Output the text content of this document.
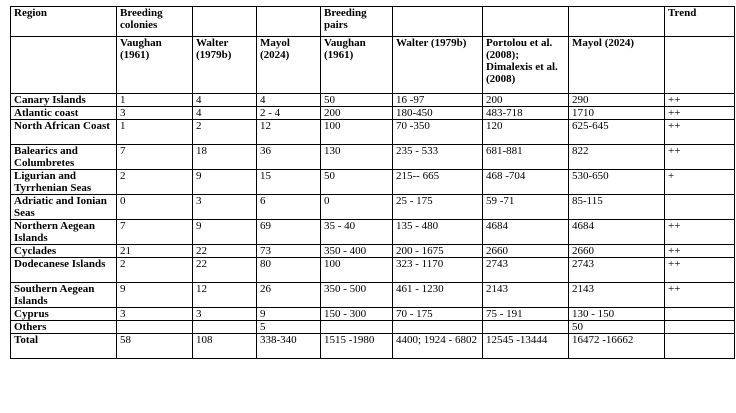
Region	Breeding colonies			Breeding pairs				Trend
	Vaughan (1961)	Walter (1979b)	Mayol (2024)	Vaughan (1961)	Walter (1979b)	Portolou et al. (2008); Dimalexis et al. (2008)	Mayol (2024)	
Canary Islands	1	4	4	50	16 -97	200	290	++
Atlantic coast	3	4	2 - 4	200	180-450	483-718	1710	++
North African Coast	1	2	12	100	70 -350	120	625-645	++
Balearics and Columbretes	7	18	36	130	235 - 533	681-881	822	++
Ligurian and Tyrrhenian Seas	2	9	15	50	215-- 665	468 -704	530-650	+
Adriatic and Ionian Seas	0	3	6	0	25 - 175	59 -71	85-115	
Northern Aegean Islands	7	9	69	35 - 40	135 - 480	4684	4684	++
Cyclades	21	22	73	350 - 400	200 - 1675	2660	2660	++
Dodecanese Islands	2	22	80	100	323 - 1170	2743	2743	++
Southern Aegean Islands	9	12	26	350 - 500	461 - 1230	2143	2143	++
Cyprus	3	3	9	150 - 300	70 - 175	75 - 191	130 - 150	
Others			5				50	
Total	58	108	338-340	1515 -1980	4400; 1924 - 6802	12545 -13444	16472 -16662	
